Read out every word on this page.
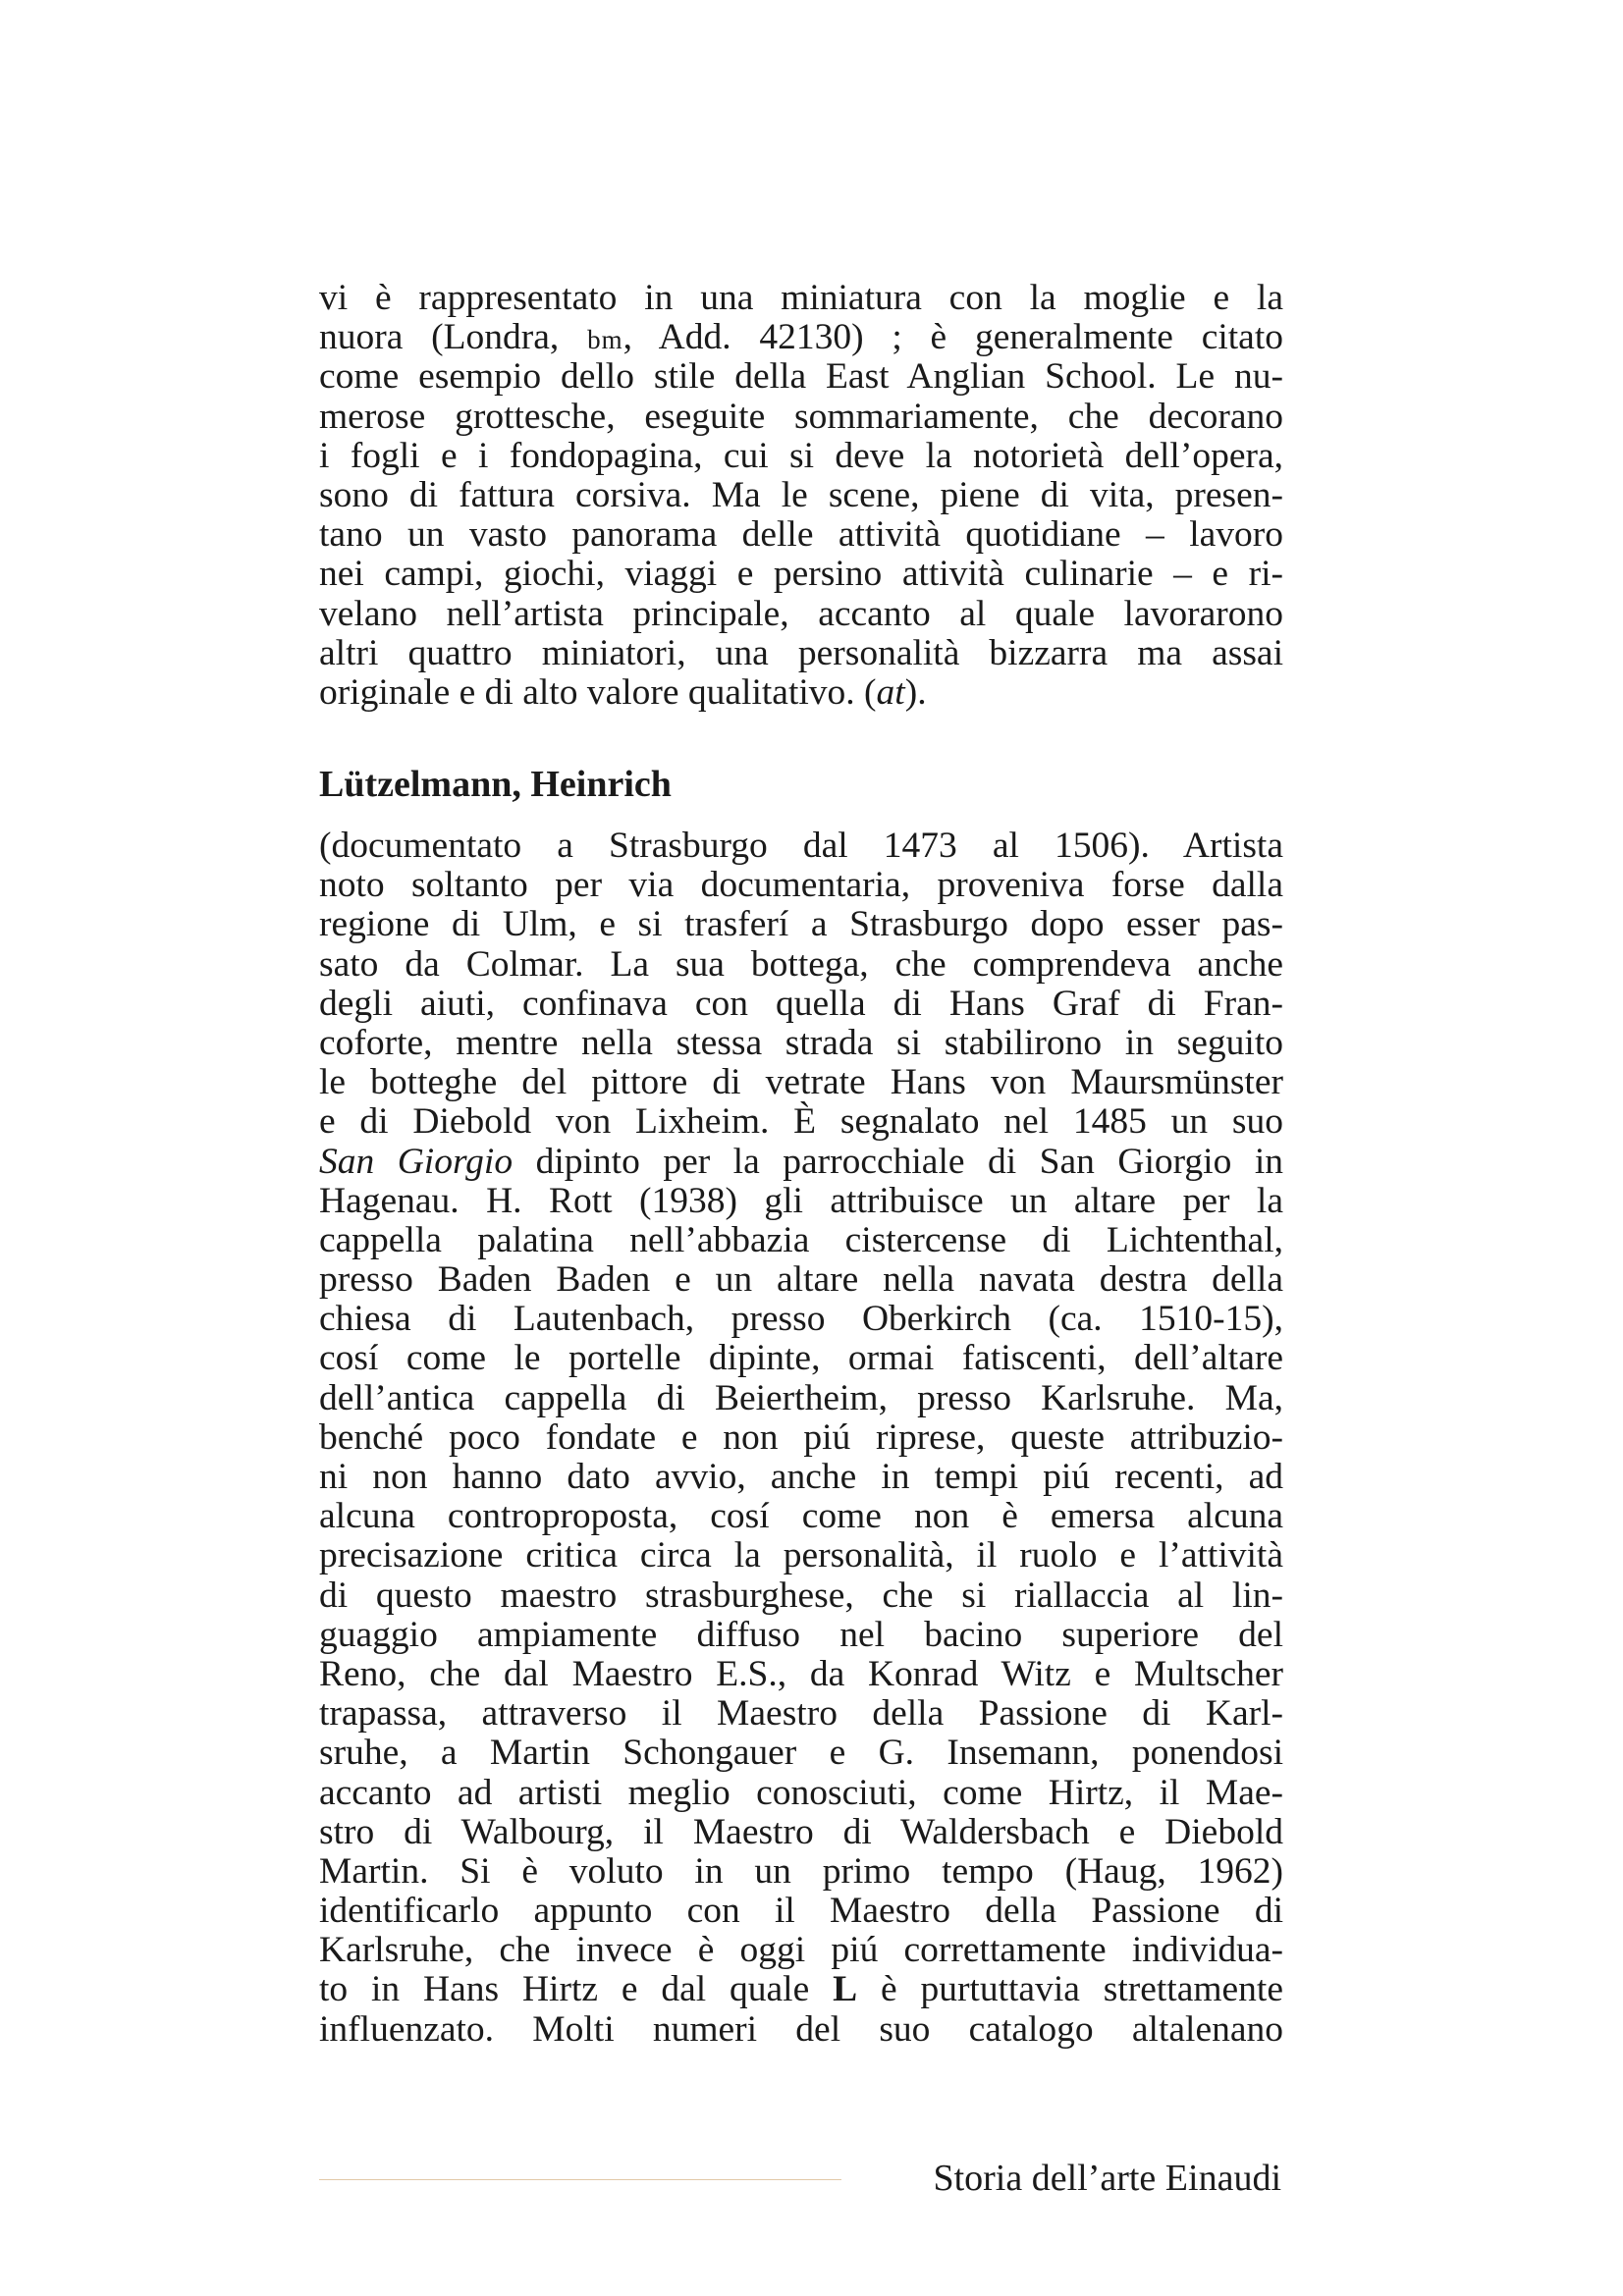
vi è rappresentato in una miniatura con la moglie e la
nuora (Londra, bm, Add. 42130) ; è generalmente citato
come esempio dello stile della East Anglian School. Le nu-
merose grottesche, eseguite sommariamente, che decorano
i fogli e i fondopagina, cui si deve la notorietà dell’opera,
sono di fattura corsiva. Ma le scene, piene di vita, presen-
tano un vasto panorama delle attività quotidiane – lavoro
nei campi, giochi, viaggi e persino attività culinarie – e ri-
velano nell’artista principale, accanto al quale lavorarono
altri quattro miniatori, una personalità bizzarra ma assai
originale e di alto valore qualitativo. (at).
Lützelmann, Heinrich
(documentato a Strasburgo dal 1473 al 1506). Artista
noto soltanto per via documentaria, proveniva forse dalla
regione di Ulm, e si trasferí a Strasburgo dopo esser pas-
sato da Colmar. La sua bottega, che comprendeva anche
degli aiuti, confinava con quella di Hans Graf di Fran-
coforte, mentre nella stessa strada si stabilirono in seguito
le botteghe del pittore di vetrate Hans von Maursmünster
e di Diebold von Lixheim. È segnalato nel 1485 un suo
San Giorgio dipinto per la parrocchiale di San Giorgio in
Hagenau. H. Rott (1938) gli attribuisce un altare per la
cappella palatina nell’abbazia cistercense di Lichtenthal,
presso Baden Baden e un altare nella navata destra della
chiesa di Lautenbach, presso Oberkirch (ca. 1510-15),
cosí come le portelle dipinte, ormai fatiscenti, dell’altare
dell’antica cappella di Beiertheim, presso Karlsruhe. Ma,
benché poco fondate e non piú riprese, queste attribuzio-
ni non hanno dato avvio, anche in tempi piú recenti, ad
alcuna controproposta, cosí come non è emersa alcuna
precisazione critica circa la personalità, il ruolo e l’attività
di questo maestro strasburghese, che si riallaccia al lin-
guaggio ampiamente diffuso nel bacino superiore del
Reno, che dal Maestro E.S., da Konrad Witz e Multscher
trapassa, attraverso il Maestro della Passione di Karl-
sruhe, a Martin Schongauer e G. Insemann, ponendosi
accanto ad artisti meglio conosciuti, come Hirtz, il Mae-
stro di Walbourg, il Maestro di Waldersbach e Diebold
Martin. Si è voluto in un primo tempo (Haug, 1962)
identificarlo appunto con il Maestro della Passione di
Karlsruhe, che invece è oggi piú correttamente individua-
to in Hans Hirtz e dal quale L è purtuttavia strettamente
influenzato. Molti numeri del suo catalogo altalenano
Storia dell’arte Einaudi
